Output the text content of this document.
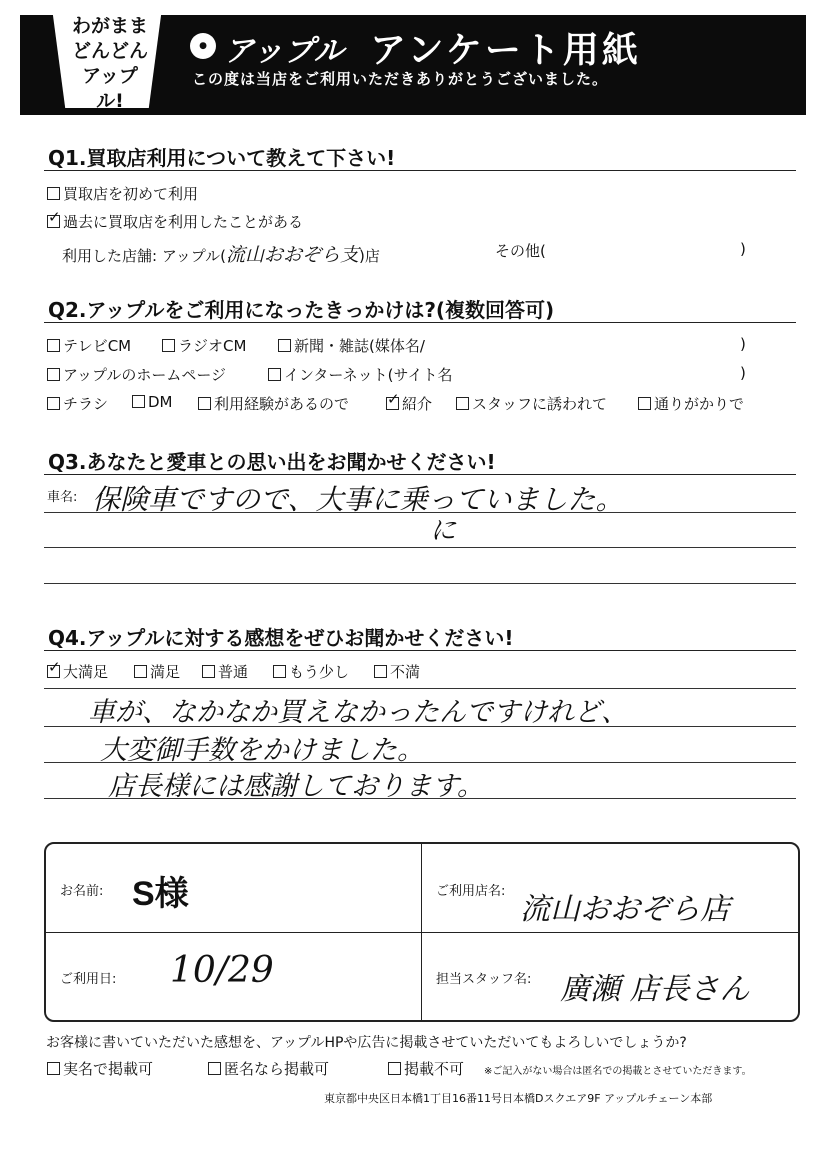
わがまま
どんどん
アップル!
● アップル アンケート用紙
この度は当店をご利用いただきありがとうございました。
Q1.買取店利用について教えて下さい!
買取店を初めて利用
✓過去に買取店を利用したことがある
利用した店舗: アップル(流山おおぞら支)店	その他(	)
Q2.アップルをご利用になったきっかけは?(複数回答可)
テレビCM	ラジオCM	新聞・雑誌(媒体名/	)
アップルのホームページ	インターネット(サイト名	)
チラシ	DM	利用経験があるので
✓	紹介	スタッフに誘われて	通りがかりで
Q3.あなたと愛車との思い出をお聞かせください!
車名: 保険車ですので、大事に乗っていました。
に
Q4.アップルに対する感想をぜひお聞かせください!
✓大満足	満足	普通	もう少し	不満
車が、なかなか買えなかったんですけれど、
大変御手数をかけました。
店長様には感謝しております。
お名前: S様	ご利用店名:
流山おおぞら店
ご利用日: 10/29	担当スタッフ名: 廣瀬 店長さん
お客様に書いていただいた感想を、アップルHPや広告に掲載させていただいてもよろしいでしょうか?
実名で掲載可	匿名なら掲載可	掲載不可 ※ご記入がない場合は匿名での掲載とさせていただきます。
東京都中央区日本橋1丁目16番11号日本橋Dスクエア9F アップルチェーン本部
